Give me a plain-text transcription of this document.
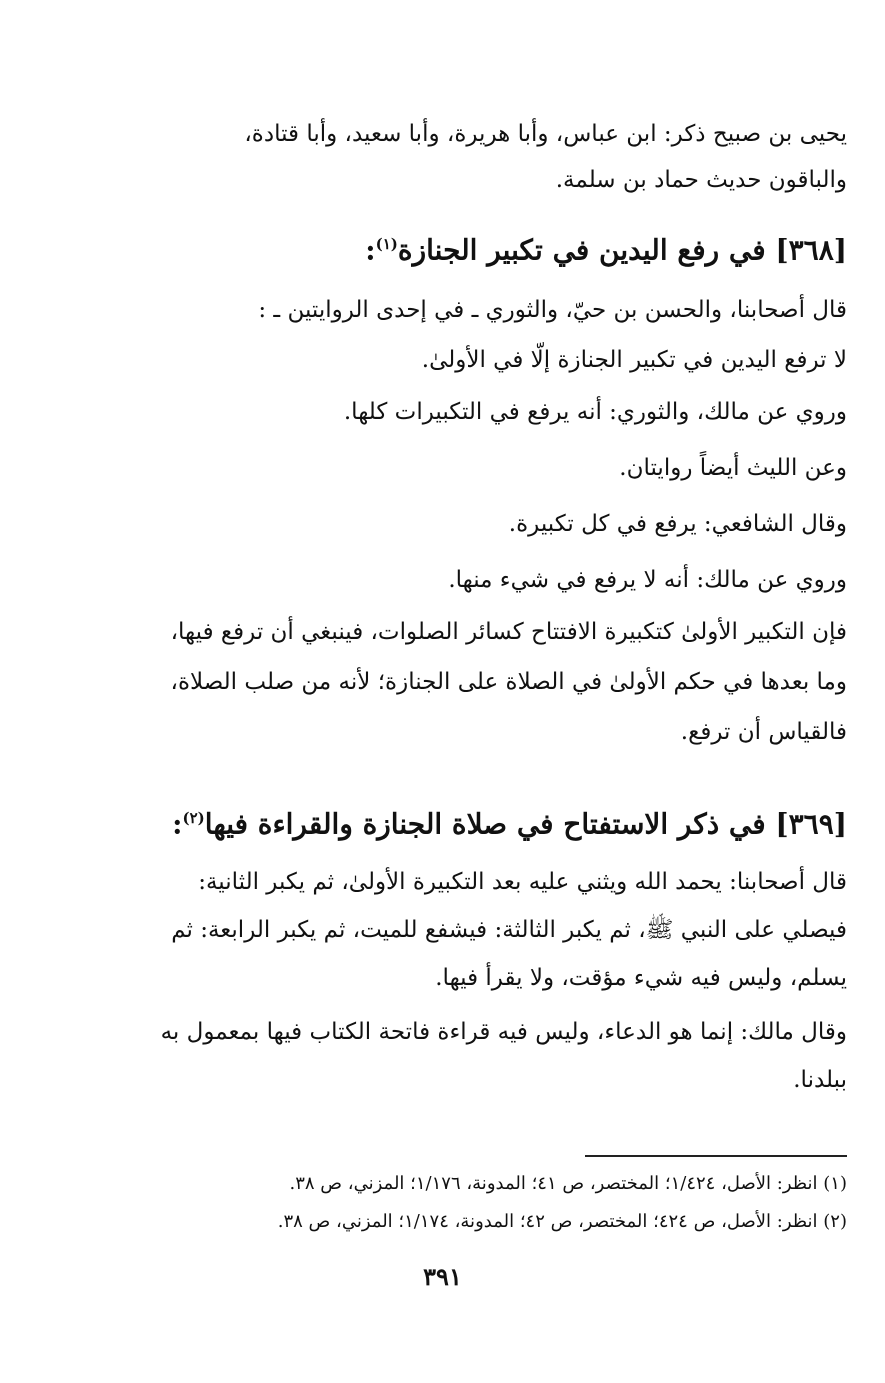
يحيى بن صبيح ذكر: ابن عباس، وأبا هريرة، وأبا سعيد، وأبا قتادة،
والباقون حديث حماد بن سلمة.
[٣٦٨] في رفع اليدين في تكبير الجنازة$^{(١)}$:
قال أصحابنا، والحسن بن حيّ، والثوري ـ في إحدى الروايتين ـ :
لا ترفع اليدين في تكبير الجنازة إلّا في الأولىٰ.
وروي عن مالك، والثوري: أنه يرفع في التكبيرات كلها.
وعن الليث أيضاً روايتان.
وقال الشافعي: يرفع في كل تكبيرة.
وروي عن مالك: أنه لا يرفع في شيء منها.
فإن التكبير الأولىٰ كتكبيرة الافتتاح كسائر الصلوات، فينبغي أن ترفع فيها،
وما بعدها في حكم الأولىٰ في الصلاة على الجنازة؛ لأنه من صلب الصلاة،
فالقياس أن ترفع.
[٣٦٩] في ذكر الاستفتاح في صلاة الجنازة والقراءة فيها$^{(٢)}$:
قال أصحابنا: يحمد الله ويثني عليه بعد التكبيرة الأولىٰ، ثم يكبر الثانية:
فيصلي على النبي ﷺ، ثم يكبر الثالثة: فيشفع للميت، ثم يكبر الرابعة: ثم
يسلم، وليس فيه شيء مؤقت، ولا يقرأ فيها.
وقال مالك: إنما هو الدعاء، وليس فيه قراءة فاتحة الكتاب فيها بمعمول به
ببلدنا.
(١) انظر: الأصل، ١/٤٢٤؛ المختصر، ص ٤١؛ المدونة، ١/١٧٦؛ المزني، ص ٣٨.
(٢) انظر: الأصل، ص ٤٢٤؛ المختصر، ص ٤٢؛ المدونة، ١/١٧٤؛ المزني، ص ٣٨.
٣٩١
